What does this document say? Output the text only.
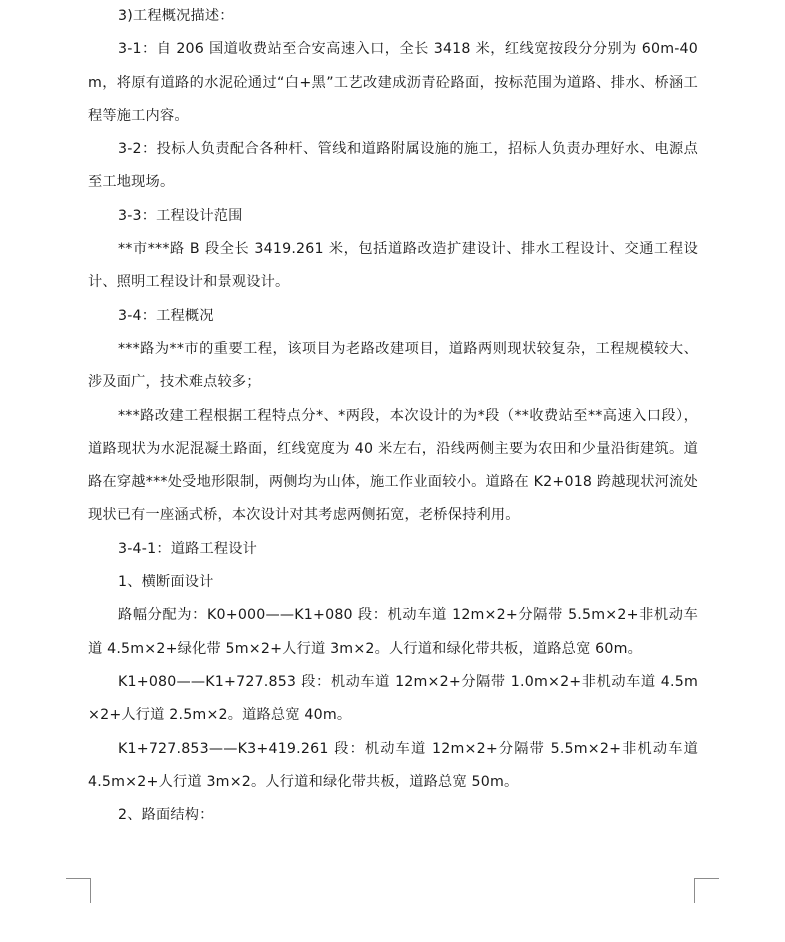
3)工程概况描述：

3-1：自 206 国道收费站至合安高速入口，全长 3418 米，红线宽按段分分别为 60m-40m，将原有道路的水泥砼通过“白+黑”工艺改建成沥青砼路面，按标范围为道路、排水、桥涵工程等施工内容。

3-2：投标人负责配合各种杆、管线和道路附属设施的施工，招标人负责办理好水、电源点至工地现场。

3-3：工程设计范围

**市***路 B 段全长 3419.261 米，包括道路改造扩建设计、排水工程设计、交通工程设计、照明工程设计和景观设计。

3-4：工程概况

***路为**市的重要工程，该项目为老路改建项目，道路两则现状较复杂，工程规模较大、涉及面广，技术难点较多；

***路改建工程根据工程特点分*、*两段，本次设计的为*段（**收费站至**高速入口段），道路现状为水泥混凝土路面，红线宽度为 40 米左右，沿线两侧主要为农田和少量沿街建筑。道路在穿越***处受地形限制，两侧均为山体，施工作业面较小。道路在 K2+018 跨越现状河流处现状已有一座涵式桥，本次设计对其考虑两侧拓宽，老桥保持利用。

3-4-1：道路工程设计

1、横断面设计

路幅分配为：K0+000——K1+080 段：机动车道 12m×2+分隔带 5.5m×2+非机动车道 4.5m×2+绿化带 5m×2+人行道 3m×2。人行道和绿化带共板，道路总宽 60m。

K1+080——K1+727.853 段：机动车道 12m×2+分隔带 1.0m×2+非机动车道 4.5m×2+人行道 2.5m×2。道路总宽 40m。

K1+727.853——K3+419.261 段：机动车道 12m×2+分隔带 5.5m×2+非机动车道 4.5m×2+人行道 3m×2。人行道和绿化带共板，道路总宽 50m。

2、路面结构：
